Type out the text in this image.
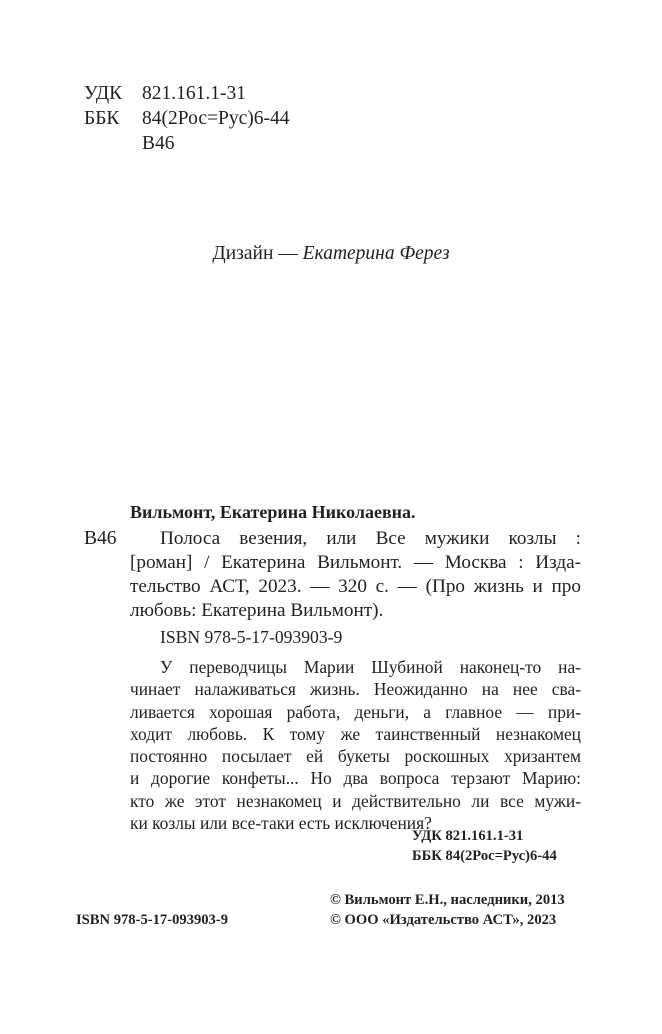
УДК 821.161.1-31
ББК 84(2Рос=Рус)6-44
В46
Дизайн — Екатерина Ферез
Вильмонт, Екатерина Николаевна.
В46	Полоса везения, или Все мужики козлы :
[роман] / Екатерина Вильмонт. — Москва : Изда-
тельство АСТ, 2023. — 320 с. — (Про жизнь и про
любовь: Екатерина Вильмонт).
ISBN 978-5-17-093903-9
У переводчицы Марии Шубиной наконец-то на-
чинает налаживаться жизнь. Неожиданно на нее сва-
ливается хорошая работа, деньги, а главное — при-
ходит любовь. К тому же таинственный незнакомец
постоянно посылает ей букеты роскошных хризантем
и дорогие конфеты... Но два вопроса терзают Марию:
кто же этот незнакомец и действительно ли все мужи-
ки козлы или все-таки есть исключения?
УДК 821.161.1-31
ББК 84(2Рос=Рус)6-44
ISBN 978-5-17-093903-9
© Вильмонт Е.Н., наследники, 2013
© ООО «Издательство АСТ», 2023
